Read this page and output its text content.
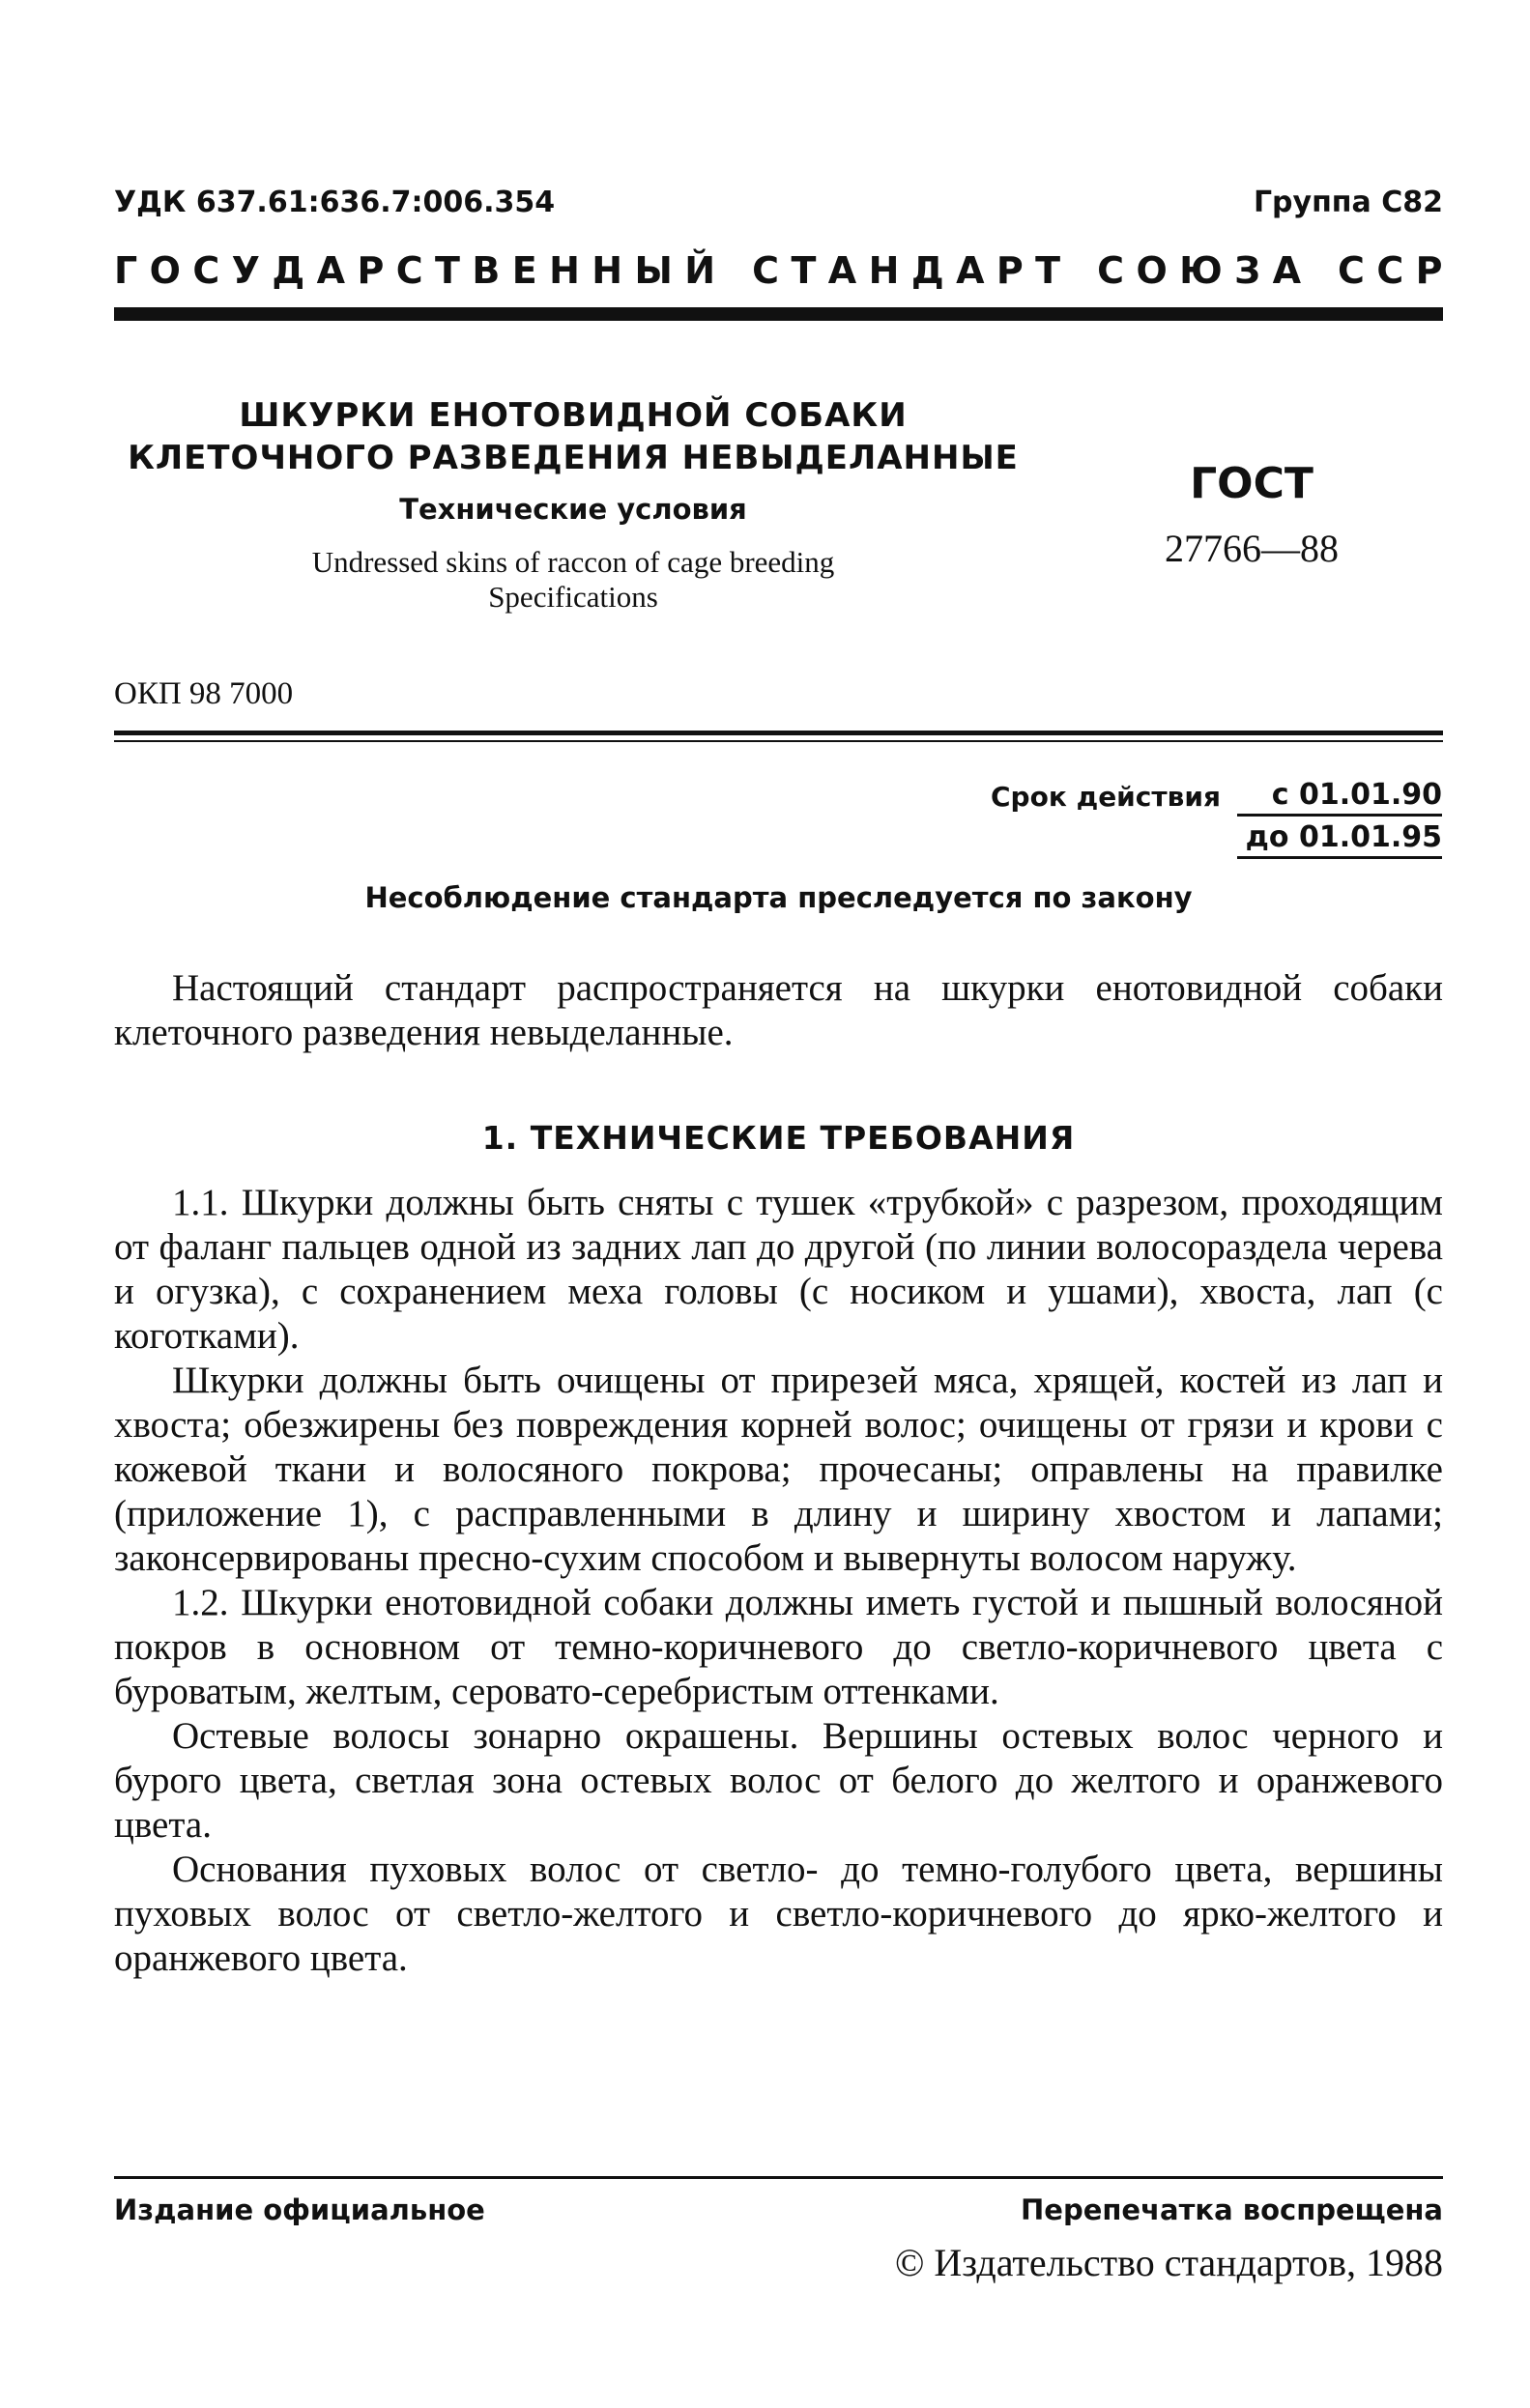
УДК 637.61:636.7:006.354	Группа С82
Г О С У Д А Р С Т В Е Н Н Ы Й
С Т А Н Д А Р Т
С О Ю З А
С С Р
ШКУРКИ ЕНОТОВИДНОЙ СОБАКИ
КЛЕТОЧНОГО РАЗВЕДЕНИЯ НЕВЫДЕЛАННЫЕ
Технические условия
Undressed skins of raccon of cage breeding
Specifications
ГОСТ
27766—88
ОКП 98 7000
Срок действия	с 01.01.90
до 01.01.95
Несоблюдение стандарта преследуется по закону
Настоящий стандарт распространяется на шкурки енотовидной собаки клеточного разведения невыделанные.
1. ТЕХНИЧЕСКИЕ ТРЕБОВАНИЯ

1.1. Шкурки должны быть сняты с тушек «трубкой» с разрезом, проходящим от фаланг пальцев одной из задних лап до другой (по линии волосораздела черева и огузка), с сохранением меха головы (с носиком и ушами), хвоста, лап (с коготками).

Шкурки должны быть очищены от прирезей мяса, хрящей, костей из лап и хвоста; обезжирены без повреждения корней волос; очищены от грязи и крови с кожевой ткани и волосяного покрова; прочесаны; оправлены на правилке (приложение 1), с расправленными в длину и ширину хвостом и лапами; законсервированы пресно-сухим способом и вывернуты волосом наружу.

1.2. Шкурки енотовидной собаки должны иметь густой и пышный волосяной покров в основном от темно-коричневого до светло-коричневого цвета с буроватым, желтым, серовато-серебристым оттенками.

Остевые волосы зонарно окрашены. Вершины остевых волос черного и бурого цвета, светлая зона остевых волос от белого до желтого и оранжевого цвета.

Основания пуховых волос от светло- до темно-голубого цвета, вершины пуховых волос от светло-желтого и светло-коричневого до ярко-желтого и оранжевого цвета.

Издание официальное	Перепечатка воспрещена
© Издательство стандартов, 1988
